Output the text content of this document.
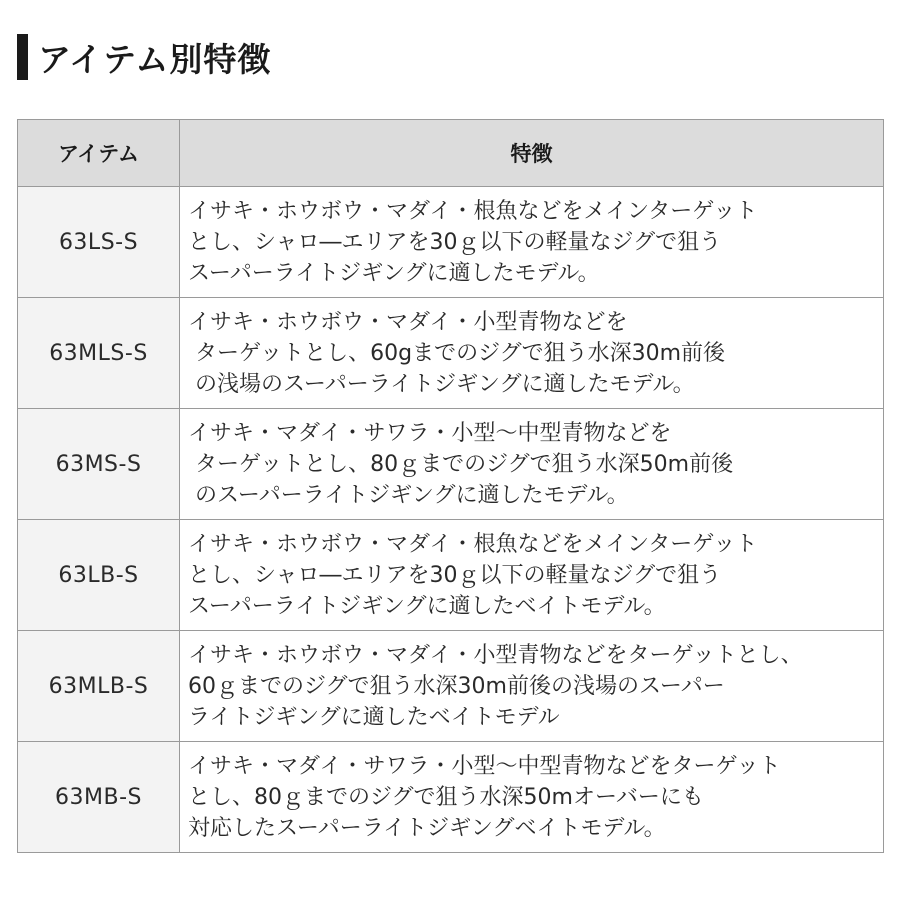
アイテム別特徴
アイテム	特徴
63LS-S	イサキ・ホウボウ・マダイ・根魚などをメインターゲット
とし、シャロ―エリアを30ｇ以下の軽量なジグで狙う
スーパーライトジギングに適したモデル。
63MLS-S	イサキ・ホウボウ・マダイ・小型青物などを
ターゲットとし、60gまでのジグで狙う水深30m前後
の浅場のスーパーライトジギングに適したモデル。
63MS-S	イサキ・マダイ・サワラ・小型～中型青物などを
ターゲットとし、80ｇまでのジグで狙う水深50m前後
のスーパーライトジギングに適したモデル。
63LB-S	イサキ・ホウボウ・マダイ・根魚などをメインターゲット
とし、シャロ―エリアを30ｇ以下の軽量なジグで狙う
スーパーライトジギングに適したベイトモデル。
63MLB-S	イサキ・ホウボウ・マダイ・小型青物などをターゲットとし、
60ｇまでのジグで狙う水深30m前後の浅場のスーパー
ライトジギングに適したベイトモデル
63MB-S	イサキ・マダイ・サワラ・小型～中型青物などをターゲット
とし、80ｇまでのジグで狙う水深50mオーバーにも
対応したスーパーライトジギングベイトモデル。
